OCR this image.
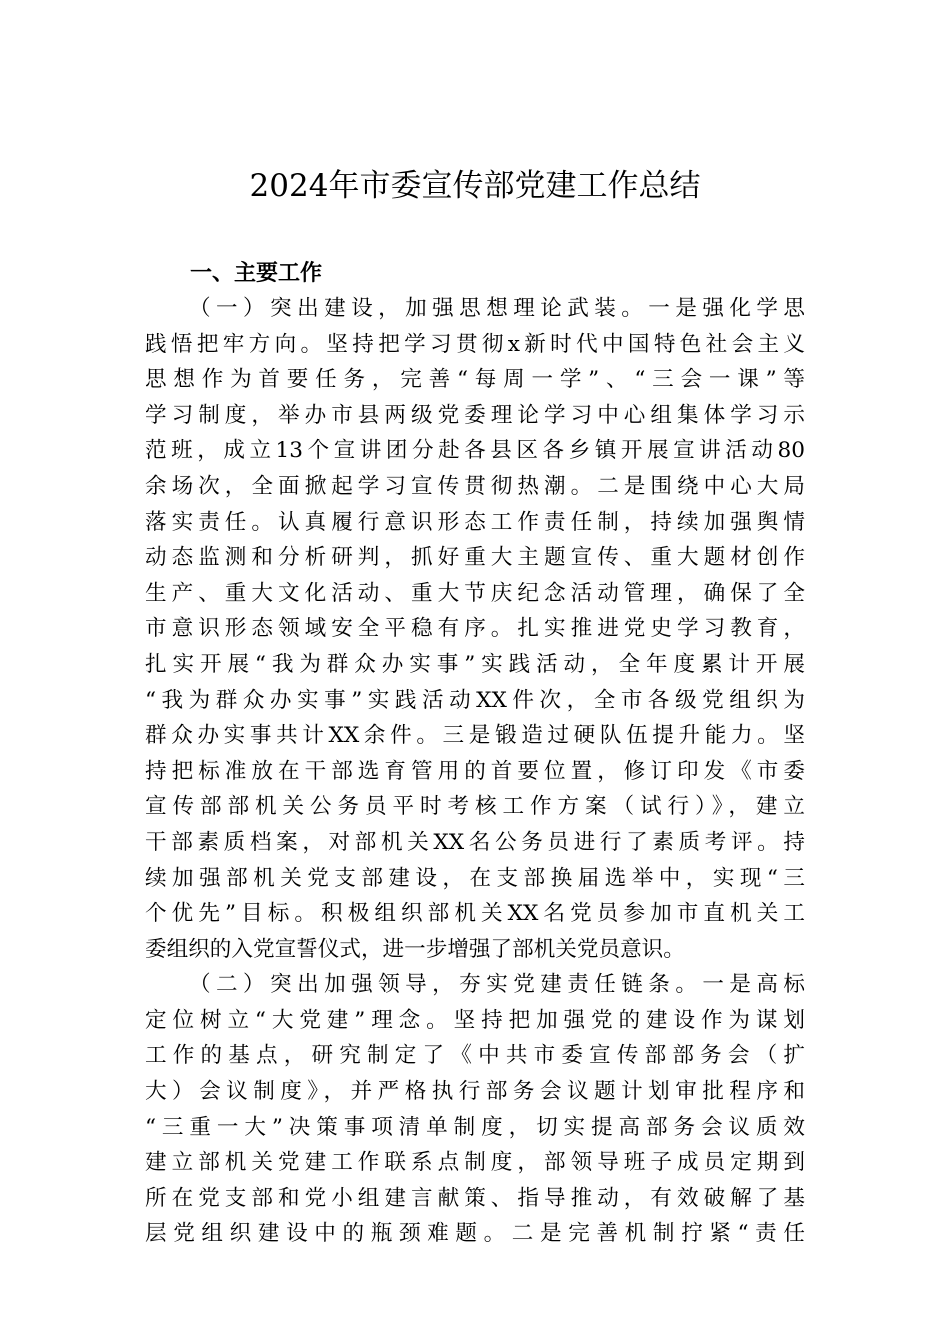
2024年市委宣传部党建工作总结
一、主要工作
（一）突出建设，加强思想理论武装。一是强化学思
践悟把牢方向。坚持把学习贯彻x新时代中国特色社会主义
思想作为首要任务，完善“每周一学”、“三会一课”等
学习制度，举办市县两级党委理论学习中心组集体学习示
范班，成立13个宣讲团分赴各县区各乡镇开展宣讲活动80
余场次，全面掀起学习宣传贯彻热潮。二是围绕中心大局
落实责任。认真履行意识形态工作责任制，持续加强舆情
动态监测和分析研判，抓好重大主题宣传、重大题材创作
生产、重大文化活动、重大节庆纪念活动管理，确保了全
市意识形态领域安全平稳有序。扎实推进党史学习教育，
扎实开展“我为群众办实事”实践活动，全年度累计开展
“我为群众办实事”实践活动XX件次，全市各级党组织为
群众办实事共计XX余件。三是锻造过硬队伍提升能力。坚
持把标准放在干部选育管用的首要位置，修订印发《市委
宣传部部机关公务员平时考核工作方案（试行）》，建立
干部素质档案，对部机关XX名公务员进行了素质考评。持
续加强部机关党支部建设，在支部换届选举中，实现“三
个优先”目标。积极组织部机关XX名党员参加市直机关工
委组织的入党宣誓仪式，进一步增强了部机关党员意识。
（二）突出加强领导，夯实党建责任链条。一是高标
定位树立“大党建”理念。坚持把加强党的建设作为谋划
工作的基点，研究制定了《中共市委宣传部部务会（扩
大）会议制度》，并严格执行部务会议题计划审批程序和
“三重一大”决策事项清单制度，切实提高部务会议质效
建立部机关党建工作联系点制度，部领导班子成员定期到
所在党支部和党小组建言献策、指导推动，有效破解了基
层党组织建设中的瓶颈难题。二是完善机制拧紧“责任
